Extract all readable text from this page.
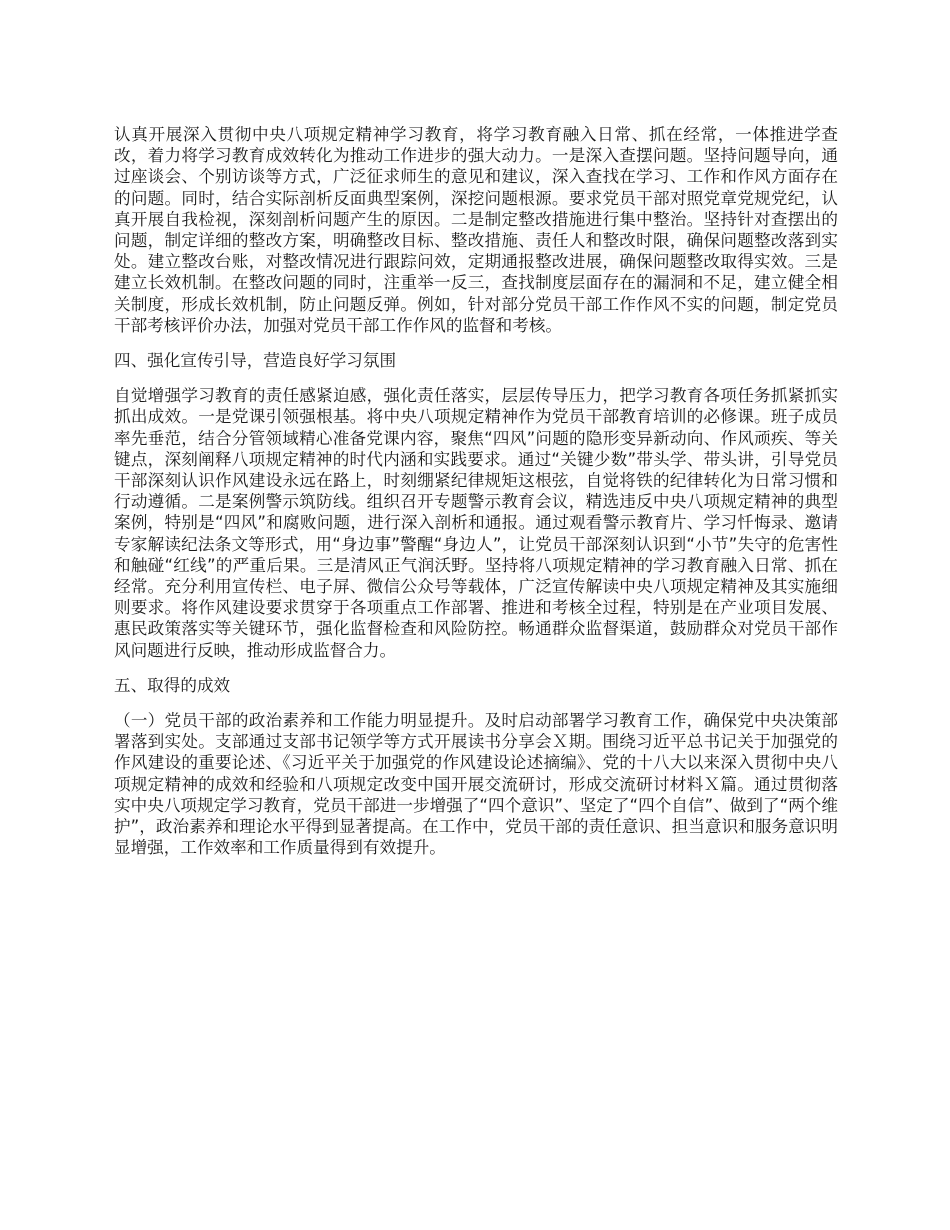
认真开展深入贯彻中央八项规定精神学习教育，将学习教育融入日常、抓在经常，一体推进学查改，着力将学习教育成效转化为推动工作进步的强大动力。一是深入查摆问题。坚持问题导向，通过座谈会、个别访谈等方式，广泛征求师生的意见和建议，深入查找在学习、工作和作风方面存在的问题。同时，结合实际剖析反面典型案例，深挖问题根源。要求党员干部对照党章党规党纪，认真开展自我检视，深刻剖析问题产生的原因。二是制定整改措施进行集中整治。坚持针对查摆出的问题，制定详细的整改方案，明确整改目标、整改措施、责任人和整改时限，确保问题整改落到实处。建立整改台账，对整改情况进行跟踪问效，定期通报整改进展，确保问题整改取得实效。三是建立长效机制。在整改问题的同时，注重举一反三，查找制度层面存在的漏洞和不足，建立健全相关制度，形成长效机制，防止问题反弹。例如，针对部分党员干部工作作风不实的问题，制定党员干部考核评价办法，加强对党员干部工作作风的监督和考核。

四、强化宣传引导，营造良好学习氛围

自觉增强学习教育的责任感紧迫感，强化责任落实，层层传导压力，把学习教育各项任务抓紧抓实抓出成效。一是党课引领强根基。将中央八项规定精神作为党员干部教育培训的必修课。班子成员率先垂范，结合分管领域精心准备党课内容，聚焦“四风”问题的隐形变异新动向、作风顽疾、等关键点，深刻阐释八项规定精神的时代内涵和实践要求。通过“关键少数”带头学、带头讲，引导党员干部深刻认识作风建设永远在路上，时刻绷紧纪律规矩这根弦，自觉将铁的纪律转化为日常习惯和行动遵循。二是案例警示筑防线。组织召开专题警示教育会议，精选违反中央八项规定精神的典型案例，特别是“四风”和腐败问题，进行深入剖析和通报。通过观看警示教育片、学习忏悔录、邀请专家解读纪法条文等形式，用“身边事”警醒“身边人”，让党员干部深刻认识到“小节”失守的危害性和触碰“红线”的严重后果。三是清风正气润沃野。坚持将八项规定精神的学习教育融入日常、抓在经常。充分利用宣传栏、电子屏、微信公众号等载体，广泛宣传解读中央八项规定精神及其实施细则要求。将作风建设要求贯穿于各项重点工作部署、推进和考核全过程，特别是在产业项目发展、惠民政策落实等关键环节，强化监督检查和风险防控。畅通群众监督渠道，鼓励群众对党员干部作风问题进行反映，推动形成监督合力。

五、取得的成效

（一）党员干部的政治素养和工作能力明显提升。及时启动部署学习教育工作，确保党中央决策部署落到实处。支部通过支部书记领学等方式开展读书分享会Ｘ期。围绕习近平总书记关于加强党的作风建设的重要论述、《习近平关于加强党的作风建设论述摘编》、党的十八大以来深入贯彻中央八项规定精神的成效和经验和八项规定改变中国开展交流研讨，形成交流研讨材料Ｘ篇。通过贯彻落实中央八项规定学习教育，党员干部进一步增强了“四个意识”、坚定了“四个自信”、做到了“两个维护”，政治素养和理论水平得到显著提高。在工作中，党员干部的责任意识、担当意识和服务意识明显增强，工作效率和工作质量得到有效提升。
